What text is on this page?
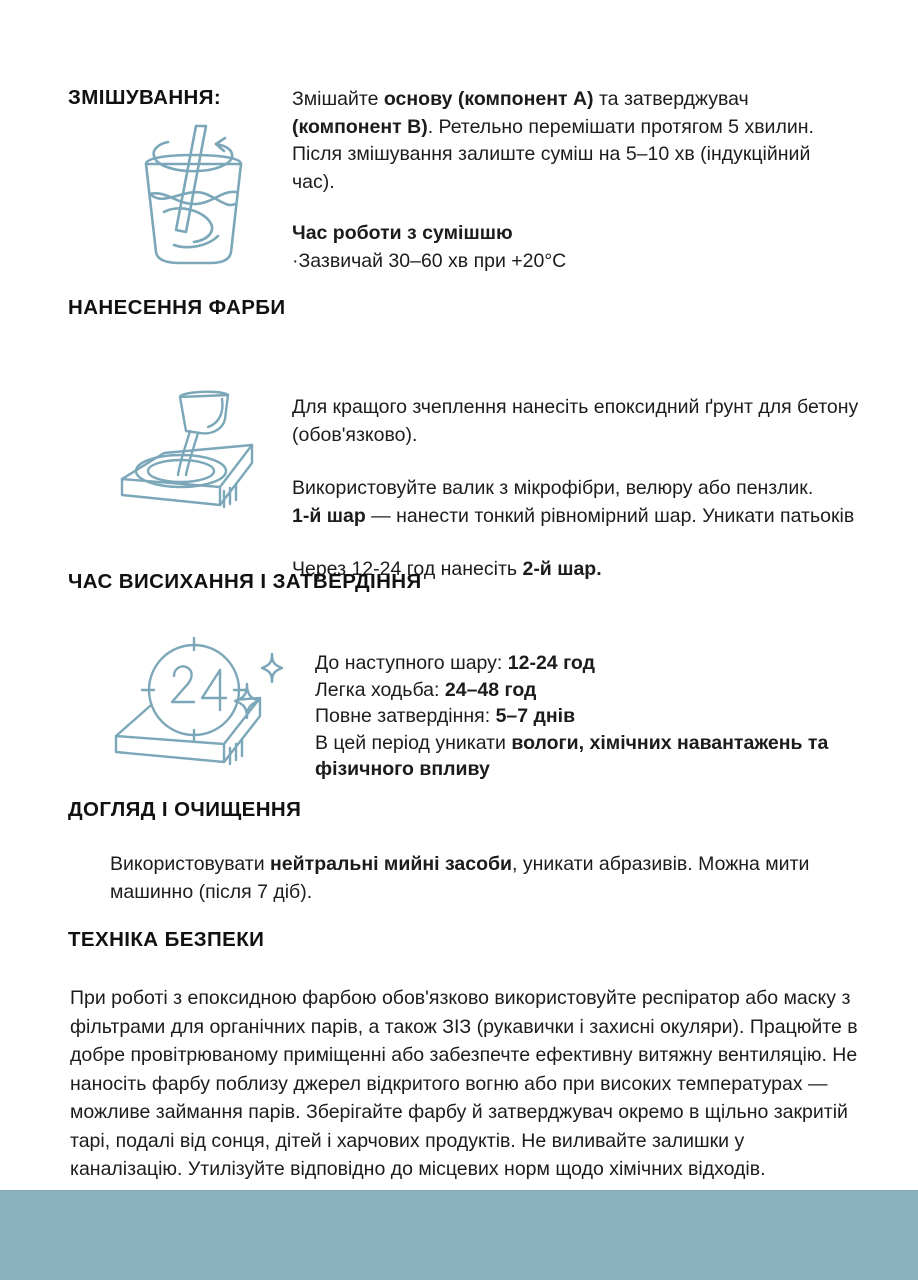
ЗМІШУВАННЯ:	Змішайте основу (компонент A) та затверджувач (компонент B). Ретельно перемішати протягом 5 хвилин. Після змішування залиште суміш на 5–10 хв (індукційний час).
Час роботи з сумішшю
·Зазвичай 30–60 хв при +20°C
НАНЕСЕННЯ ФАРБИ
Для кращого зчеплення нанесіть епоксидний ґрунт для бетону (обов'язково).
Використовуйте валик з мікрофібри, велюру або пензлик.
1-й шар — нанести тонкий рівномірний шар. Уникати патьоків
Через 12-24 год нанесіть 2-й шар.
ЧАС ВИСИХАННЯ І ЗАТВЕРДІННЯ
До наступного шару: 12-24 год
Легка ходьба: 24–48 год
Повне затвердіння: 5–7 днів
В цей період уникати вологи, хімічних навантажень та фізичного впливу
ДОГЛЯД І ОЧИЩЕННЯ
Використовувати нейтральні мийні засоби, уникати абразивів. Можна мити машинно (після 7 діб).
ТЕХНІКА БЕЗПЕКИ
При роботі з епоксидною фарбою обов'язково використовуйте респіратор або маску з фільтрами для органічних парів, а також ЗІЗ (рукавички і захисні окуляри). Працюйте в добре провітрюваному приміщенні або забезпечте ефективну витяжну вентиляцію. Не наносіть фарбу поблизу джерел відкритого вогню або при високих температурах — можливе займання парів. Зберігайте фарбу й затверджувач окремо в щільно закритій тарі, подалі від сонця, дітей і харчових продуктів. Не виливайте залишки у каналізацію. Утилізуйте відповідно до місцевих норм щодо хімічних відходів.
